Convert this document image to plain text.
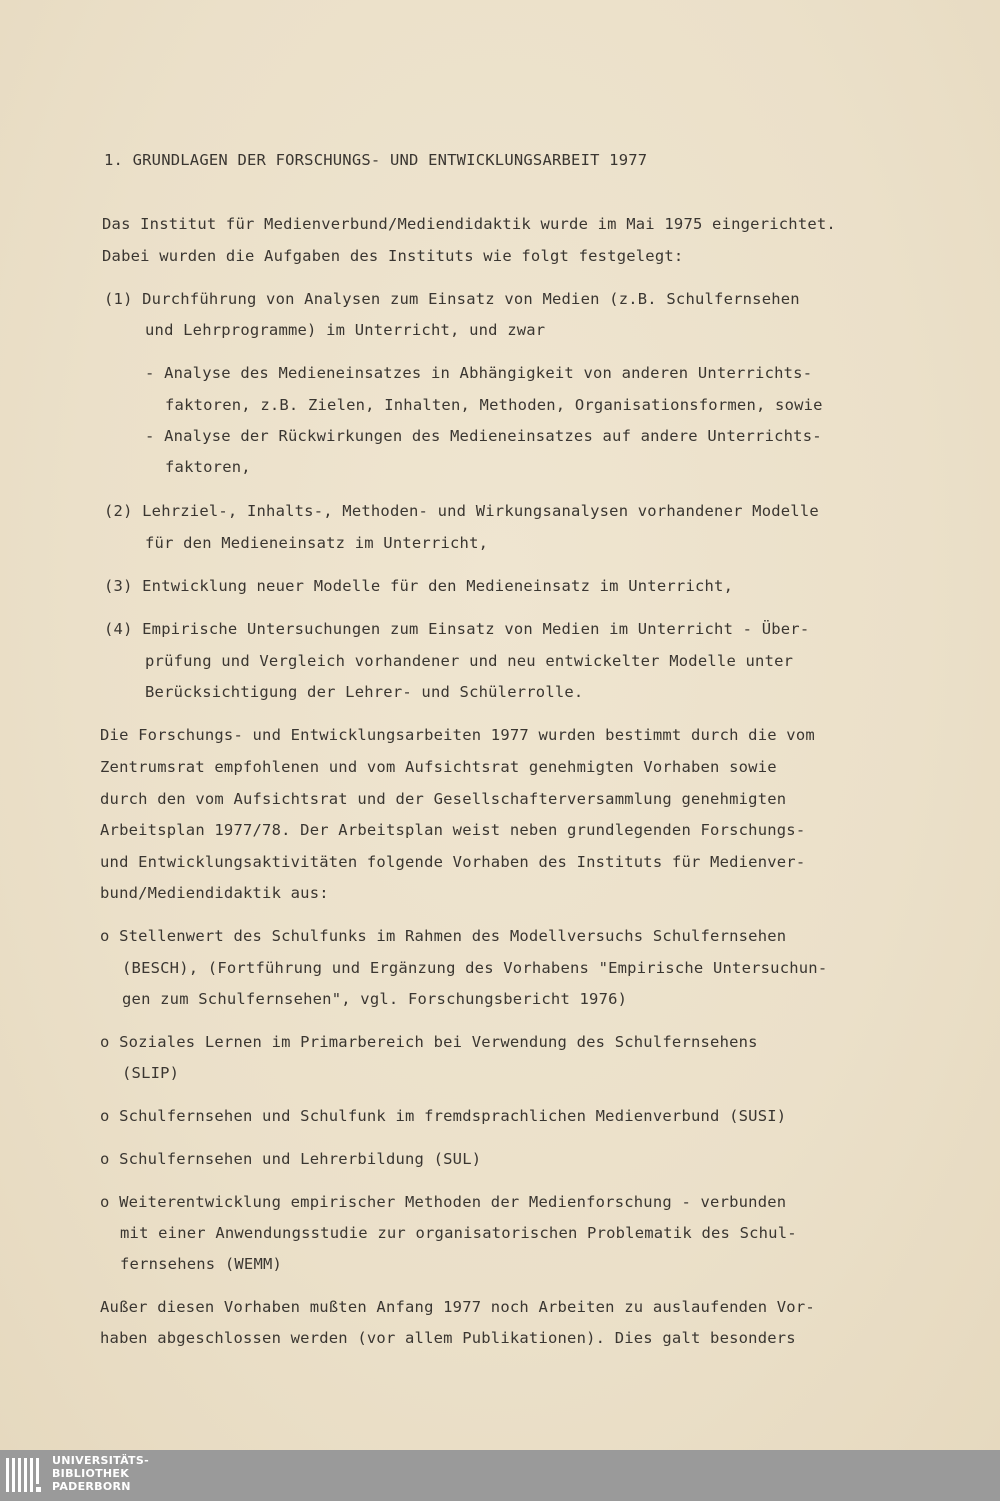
1. GRUNDLAGEN DER FORSCHUNGS- UND ENTWICKLUNGSARBEIT 1977
Das Institut für Medienverbund/Mediendidaktik wurde im Mai 1975 eingerichtet.
Dabei wurden die Aufgaben des Instituts wie folgt festgelegt:
(1) Durchführung von Analysen zum Einsatz von Medien (z.B. Schulfernsehen
und Lehrprogramme) im Unterricht, und zwar
- Analyse des Medieneinsatzes in Abhängigkeit von anderen Unterrichts-
faktoren, z.B. Zielen, Inhalten, Methoden, Organisationsformen, sowie
- Analyse der Rückwirkungen des Medieneinsatzes auf andere Unterrichts-
faktoren,
(2) Lehrziel-, Inhalts-, Methoden- und Wirkungsanalysen vorhandener Modelle
für den Medieneinsatz im Unterricht,
(3) Entwicklung neuer Modelle für den Medieneinsatz im Unterricht,
(4) Empirische Untersuchungen zum Einsatz von Medien im Unterricht - Über-
prüfung und Vergleich vorhandener und neu entwickelter Modelle unter
Berücksichtigung der Lehrer- und Schülerrolle.
Die Forschungs- und Entwicklungsarbeiten 1977 wurden bestimmt durch die vom
Zentrumsrat empfohlenen und vom Aufsichtsrat genehmigten Vorhaben sowie
durch den vom Aufsichtsrat und der Gesellschafterversammlung genehmigten
Arbeitsplan 1977/78. Der Arbeitsplan weist neben grundlegenden Forschungs-
und Entwicklungsaktivitäten folgende Vorhaben des Instituts für Medienver-
bund/Mediendidaktik aus:
o Stellenwert des Schulfunks im Rahmen des Modellversuchs Schulfernsehen
(BESCH), (Fortführung und Ergänzung des Vorhabens "Empirische Untersuchun-
gen zum Schulfernsehen", vgl. Forschungsbericht 1976)
o Soziales Lernen im Primarbereich bei Verwendung des Schulfernsehens
(SLIP)
o Schulfernsehen und Schulfunk im fremdsprachlichen Medienverbund (SUSI)
o Schulfernsehen und Lehrerbildung (SUL)
o Weiterentwicklung empirischer Methoden der Medienforschung - verbunden
mit einer Anwendungsstudie zur organisatorischen Problematik des Schul-
fernsehens (WEMM)
Außer diesen Vorhaben mußten Anfang 1977 noch Arbeiten zu auslaufenden Vor-
haben abgeschlossen werden (vor allem Publikationen). Dies galt besonders
UNIVERSITÄTS-
BIBLIOTHEK
PADERBORN
